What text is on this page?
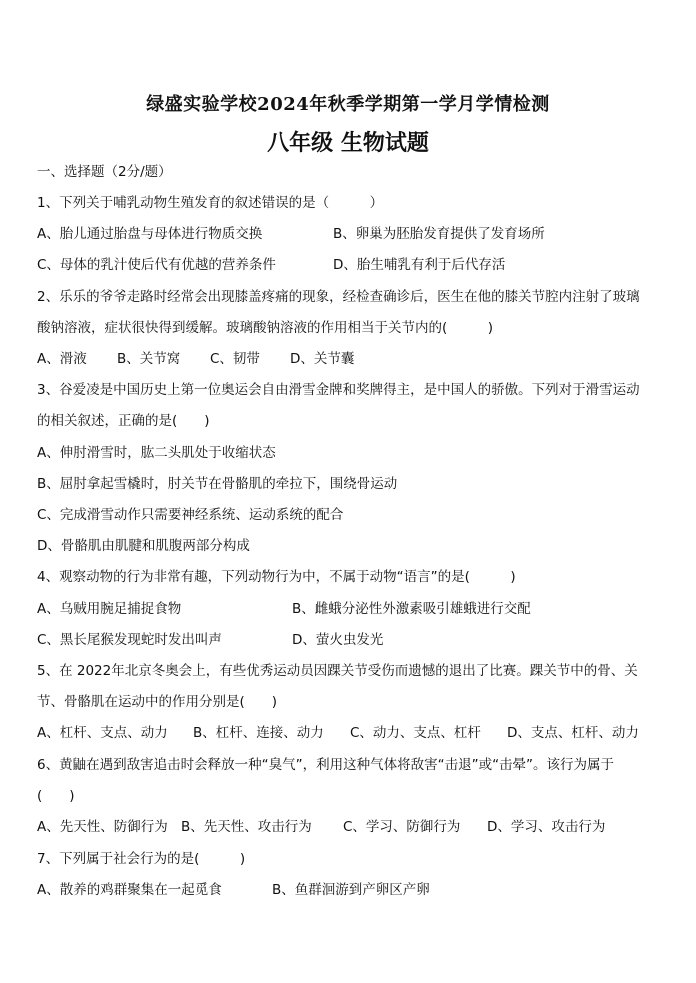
绿盛实验学校2024年秋季学期第一学月学情检测
八年级 生物试题
一、选择题（2分/题）
1、下列关于哺乳动物生殖发育的叙述错误的是（　　　）
A、胎儿通过胎盘与母体进行物质交换	B、卵巢为胚胎发育提供了发育场所
C、母体的乳汁使后代有优越的营养条件	D、胎生哺乳有利于后代存活
2、乐乐的爷爷走路时经常会出现膝盖疼痛的现象，经检查确诊后，医生在他的膝关节腔内注射了玻璃
酸钠溶液，症状很快得到缓解。玻璃酸钠溶液的作用相当于关节内的(　　　)
A、滑液 B、关节窝 C、韧带 D、关节囊
3、谷爱凌是中国历史上第一位奥运会自由滑雪金牌和奖牌得主，是中国人的骄傲。下列对于滑雪运动
的相关叙述，正确的是(　　)
A、伸肘滑雪时，肱二头肌处于收缩状态
B、屈肘拿起雪橇时，肘关节在骨骼肌的牵拉下，围绕骨运动
C、完成滑雪动作只需要神经系统、运动系统的配合
D、骨骼肌由肌腱和肌腹两部分构成
4、观察动物的行为非常有趣，下列动物行为中，不属于动物“语言”的是(　　　)
A、乌贼用腕足捕捉食物	B、雌蛾分泌性外激素吸引雄蛾进行交配
C、黑长尾猴发现蛇时发出叫声	D、萤火虫发光
5、在 2022年北京冬奥会上，有些优秀运动员因踝关节受伤而遗憾的退出了比赛。踝关节中的骨、关
节、骨骼肌在运动中的作用分别是(　　)
A、杠杆、支点、动力 B、杠杆、连接、动力 C、动力、支点、杠杆 D、支点、杠杆、动力
6、黄鼬在遇到敌害追击时会释放一种“臭气”，利用这种气体将敌害“击退”或“击晕”。该行为属于
(　　)
A、先天性、防御行为 B、先天性、攻击行为 C、学习、防御行为 D、学习、攻击行为
7、下列属于社会行为的是(　　　)
A、散养的鸡群聚集在一起觅食	B、鱼群洄游到产卵区产卵
